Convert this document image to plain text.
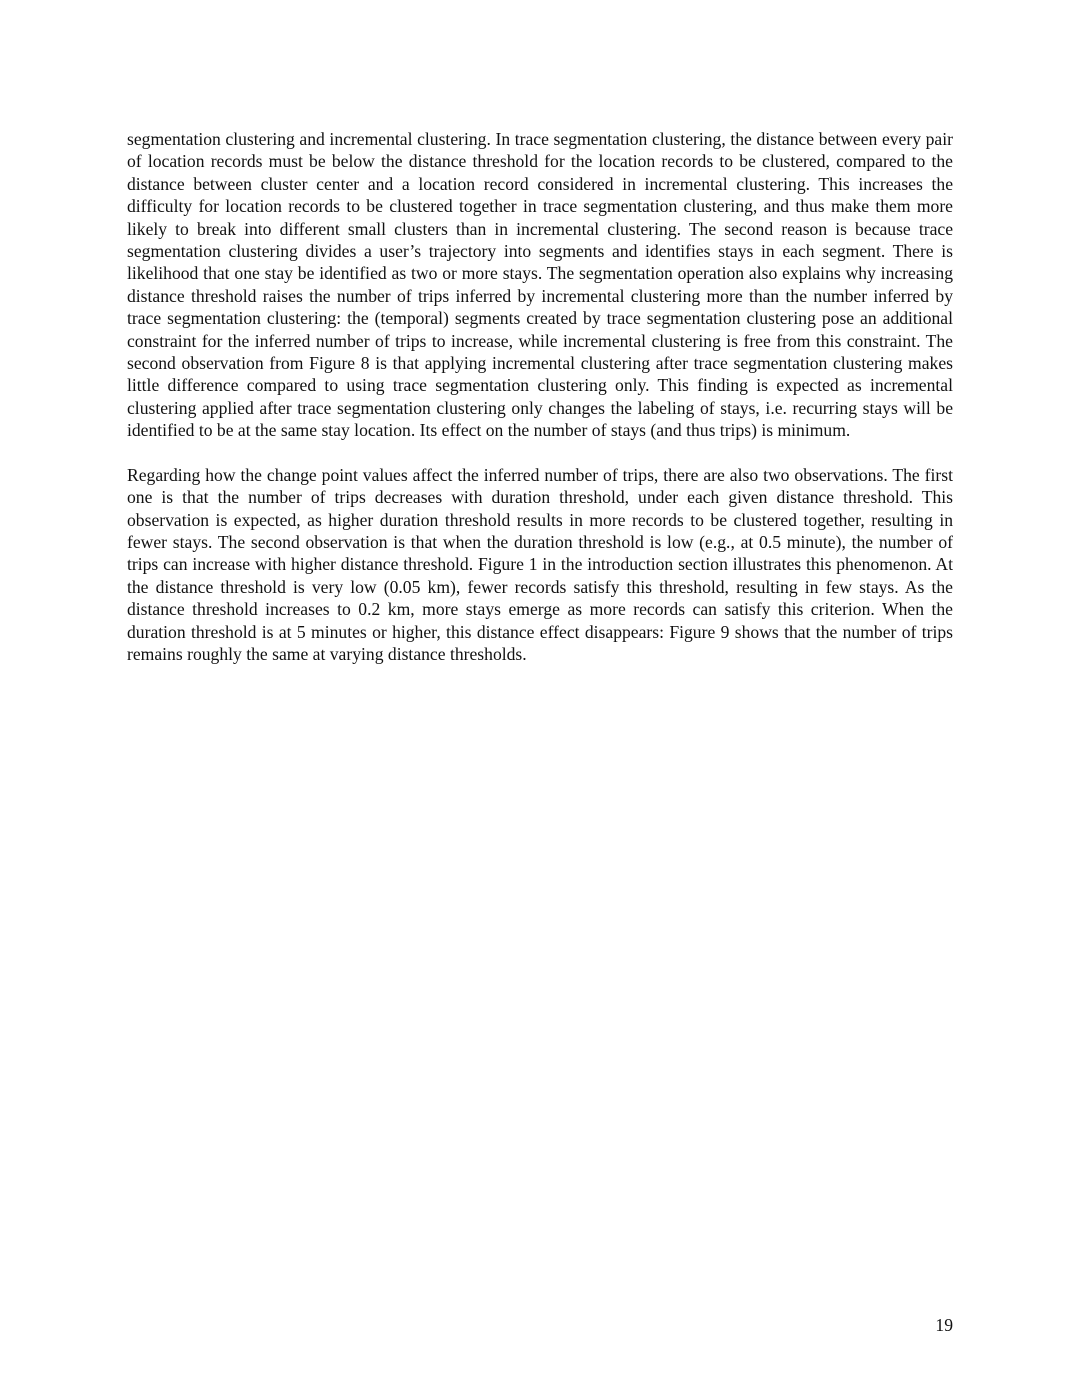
segmentation clustering and incremental clustering. In trace segmentation clustering, the distance between every pair of location records must be below the distance threshold for the location records to be clustered, compared to the distance between cluster center and a location record considered in incremental clustering. This increases the difficulty for location records to be clustered together in trace segmentation clustering, and thus make them more likely to break into different small clusters than in incremental clustering. The second reason is because trace segmentation clustering divides a user’s trajectory into segments and identifies stays in each segment. There is likelihood that one stay be identified as two or more stays. The segmentation operation also explains why increasing distance threshold raises the number of trips inferred by incremental clustering more than the number inferred by trace segmentation clustering: the (temporal) segments created by trace segmentation clustering pose an additional constraint for the inferred number of trips to increase, while incremental clustering is free from this constraint. The second observation from Figure 8 is that applying incremental clustering after trace segmentation clustering makes little difference compared to using trace segmentation clustering only. This finding is expected as incremental clustering applied after trace segmentation clustering only changes the labeling of stays, i.e. recurring stays will be identified to be at the same stay location. Its effect on the number of stays (and thus trips) is minimum.

Regarding how the change point values affect the inferred number of trips, there are also two observations. The first one is that the number of trips decreases with duration threshold, under each given distance threshold. This observation is expected, as higher duration threshold results in more records to be clustered together, resulting in fewer stays. The second observation is that when the duration threshold is low (e.g., at 0.5 minute), the number of trips can increase with higher distance threshold. Figure 1 in the introduction section illustrates this phenomenon. At the distance threshold is very low (0.05 km), fewer records satisfy this threshold, resulting in few stays. As the distance threshold increases to 0.2 km, more stays emerge as more records can satisfy this criterion. When the duration threshold is at 5 minutes or higher, this distance effect disappears: Figure 9 shows that the number of trips remains roughly the same at varying distance thresholds.

19
